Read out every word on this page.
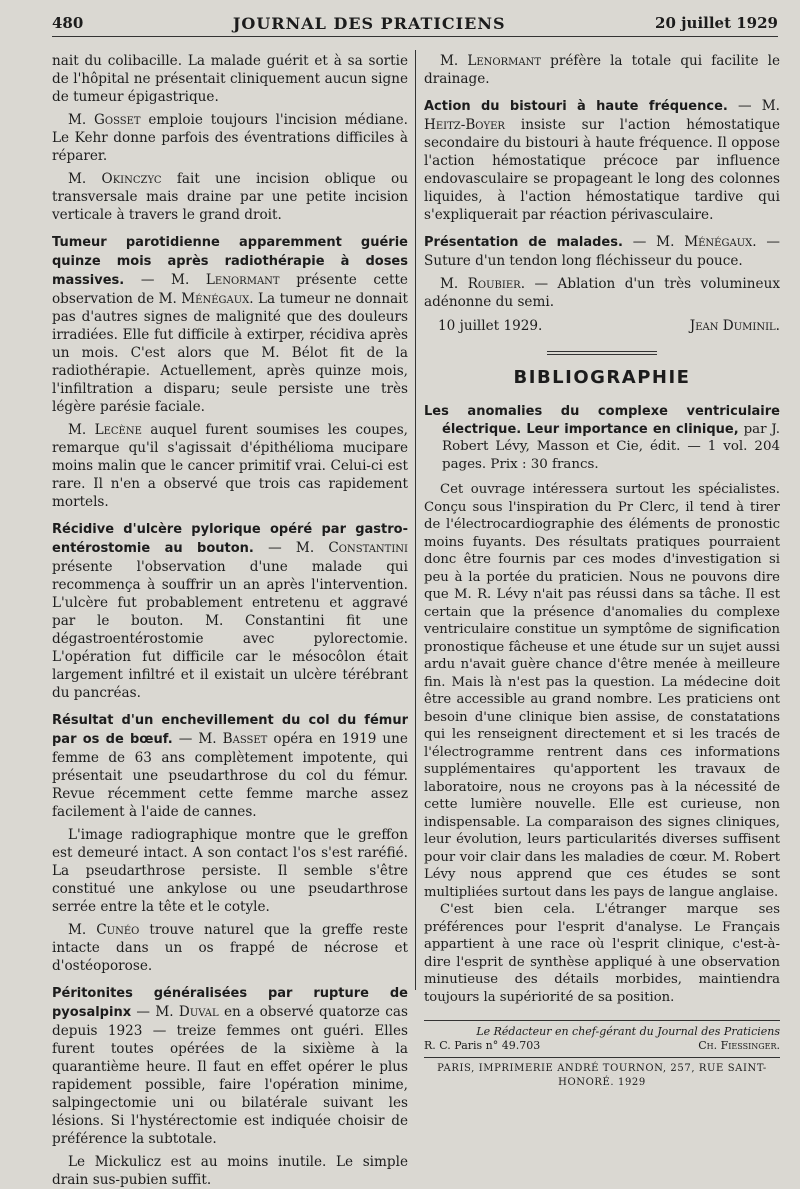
480	JOURNAL DES PRATICIENS	20 juillet 1929

nait du colibacille. La malade guérit et à sa sortie de l'hôpital ne présentait cliniquement aucun signe de tumeur épigastrique.

M. Gosset emploie toujours l'incision médiane. Le Kehr donne parfois des éventrations difficiles à réparer.

M. Okinczyc fait une incision oblique ou transversale mais draine par une petite incision verticale à travers le grand droit.

Tumeur parotidienne apparemment guérie quinze mois après radiothérapie à doses massives. — M. Lenormant présente cette observation de M. Ménégaux. La tumeur ne donnait pas d'autres signes de malignité que des douleurs irradiées. Elle fut difficile à extirper, récidiva après un mois. C'est alors que M. Bélot fit de la radiothérapie. Actuellement, après quinze mois, l'infiltration a disparu; seule persiste une très légère parésie faciale.

M. Lecène auquel furent soumises les coupes, remarque qu'il s'agissait d'épithélioma mucipare moins malin que le cancer primitif vrai. Celui-ci est rare. Il n'en a observé que trois cas rapidement mortels.

Récidive d'ulcère pylorique opéré par gastro-entérostomie au bouton. — M. Constantini présente l'observation d'une malade qui recommença à souffrir un an après l'intervention. L'ulcère fut probablement entretenu et aggravé par le bouton. M. Constantini fit une dégastroentérostomie avec pylorectomie. L'opération fut difficile car le mésocôlon était largement infiltré et il existait un ulcère térébrant du pancréas.

Résultat d'un enchevillement du col du fémur par os de bœuf. — M. Basset opéra en 1919 une femme de 63 ans complètement impotente, qui présentait une pseudarthrose du col du fémur. Revue récemment cette femme marche assez facilement à l'aide de cannes.

L'image radiographique montre que le greffon est demeuré intact. A son contact l'os s'est raréfié. La pseudarthrose persiste. Il semble s'être constitué une ankylose ou une pseudarthrose serrée entre la tête et le cotyle.

M. Cunéo trouve naturel que la greffe reste intacte dans un os frappé de nécrose et d'ostéoporose.

Péritonites généralisées par rupture de pyosalpinx — M. Duval en a observé quatorze cas depuis 1923 — treize femmes ont guéri. Elles furent toutes opérées de la sixième à la quarantième heure. Il faut en effet opérer le plus rapidement possible, faire l'opération minime, salpingectomie uni ou bilatérale suivant les lésions. Si l'hystérectomie est indiquée choisir de préférence la subtotale.

Le Mickulicz est au moins inutile. Le simple drain sus-pubien suffit.

M. Lenormant préfère la totale qui facilite le drainage.

Action du bistouri à haute fréquence. — M. Heitz-Boyer insiste sur l'action hémostatique secondaire du bistouri à haute fréquence. Il oppose l'action hémostatique précoce par influence endovasculaire se propageant le long des colonnes liquides, à l'action hémostatique tardive qui s'expliquerait par réaction périvasculaire.

Présentation de malades. — M. Ménégaux. — Suture d'un tendon long fléchisseur du pouce.

M. Roubier. — Ablation d'un très volumineux adénonne du semi.

10 juillet 1929.	Jean Duminil.

BIBLIOGRAPHIE
Les anomalies du complexe ventriculaire électrique. Leur importance en clinique, par J. Robert Lévy, Masson et Cie, édit. — 1 vol. 204 pages. Prix : 30 francs.

Cet ouvrage intéressera surtout les spécialistes. Conçu sous l'inspiration du Pr Clerc, il tend à tirer de l'électrocardiographie des éléments de pronostic moins fuyants. Des résultats pratiques pourraient donc être fournis par ces modes d'investigation si peu à la portée du praticien. Nous ne pouvons dire que M. R. Lévy n'ait pas réussi dans sa tâche. Il est certain que la présence d'anomalies du complexe ventriculaire constitue un symptôme de signification pronostique fâcheuse et une étude sur un sujet aussi ardu n'avait guère chance d'être menée à meilleure fin. Mais là n'est pas la question. La médecine doit être accessible au grand nombre. Les praticiens ont besoin d'une clinique bien assise, de constatations qui les renseignent directement et si les tracés de l'électrogramme rentrent dans ces informations supplémentaires qu'apportent les travaux de laboratoire, nous ne croyons pas à la nécessité de cette lumière nouvelle. Elle est curieuse, non indispensable. La comparaison des signes cliniques, leur évolution, leurs particularités diverses suffisent pour voir clair dans les maladies de cœur. M. Robert Lévy nous apprend que ces études se sont multipliées surtout dans les pays de langue anglaise.

C'est bien cela. L'étranger marque ses préférences pour l'esprit d'analyse. Le Français appartient à une race où l'esprit clinique, c'est-à-dire l'esprit de synthèse appliqué à une observation minutieuse des détails morbides, maintiendra toujours la supériorité de sa position.

Le Rédacteur en chef-gérant du Journal des Praticiens
R. C. Paris n° 49.703	Ch. Fiessinger.
PARIS, IMPRIMERIE ANDRÉ TOURNON, 257, RUE SAINT-HONORÉ. 1929
